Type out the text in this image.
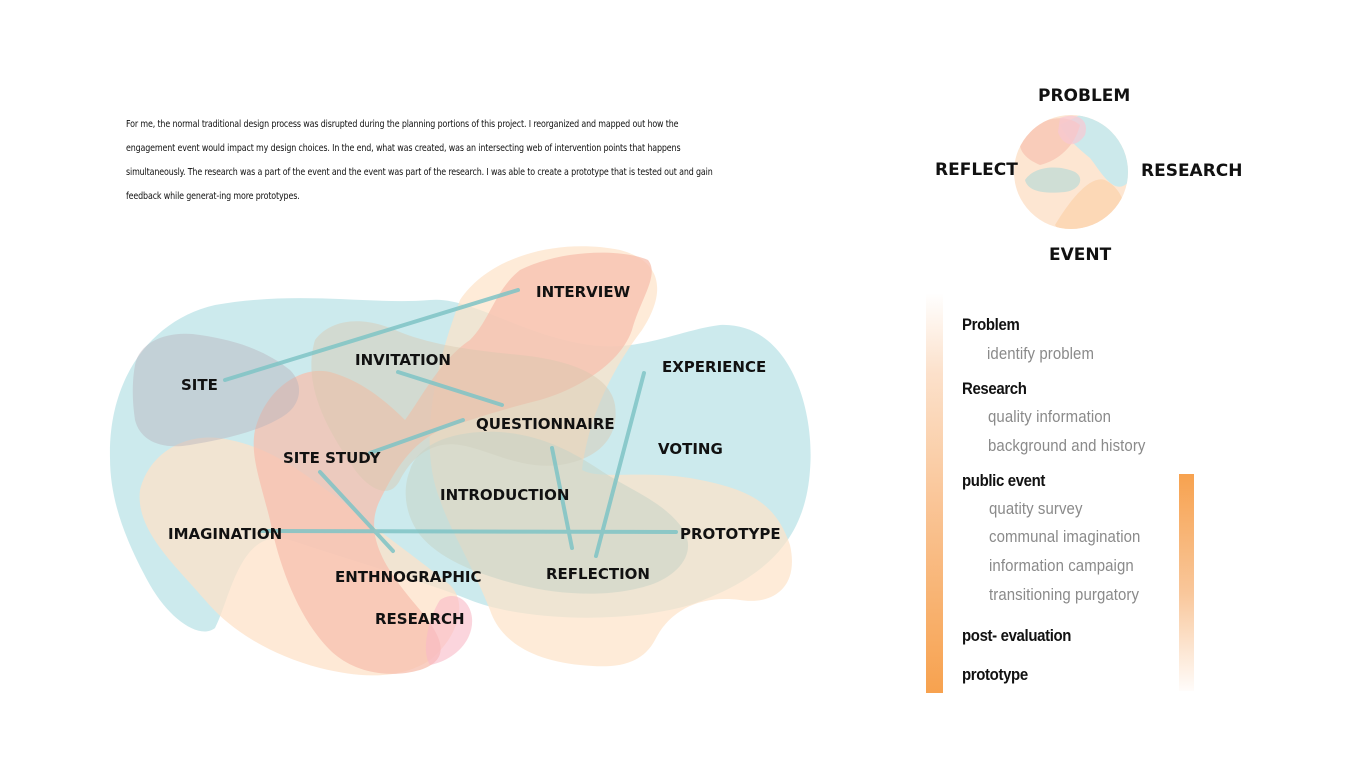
For me, the normal traditional design process was disrupted during the planning portions of this project. I reorganized and mapped out how the engagement event would impact my design choices. In the end, what was created, was an intersecting web of intervention points that happens simultaneously. The research was a part of the event and the event was part of the research. I was able to create a prototype that is tested out and gain feedback while generat-ing more prototypes.

INTERVIEW
SITE
INVITATION	EXPERIENCE
QUESTIONNAIRE
VOTING
SITE STUDY
INTRODUCTION
IMAGINATION	PROTOTYPE
ENTHNOGRAPHIC	REFLECTION
RESEARCH
PROBLEM
REFLECT	RESEARCH
EVENT
Problem
identify problem
Research
quality information
background and history
public event
quatity survey
communal imagination
information campaign
transitioning purgatory
post- evaluation
prototype
